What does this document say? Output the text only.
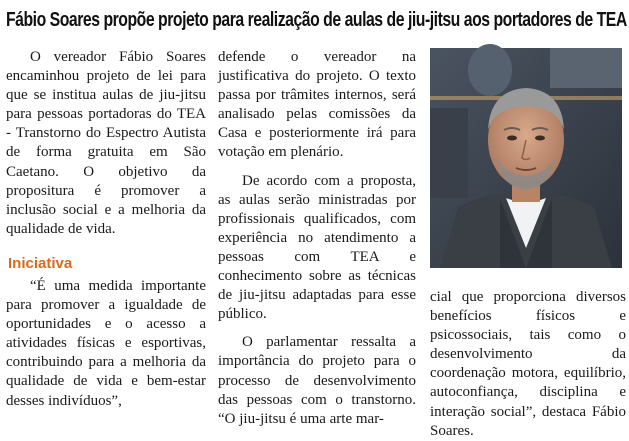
Fábio Soares propõe projeto para realização de aulas de jiu-jitsu aos portadores de TEA

O vereador Fábio Soares encaminhou projeto de lei para que se institua aulas de jiu-jitsu para pessoas portadoras do TEA - Transtorno do Espectro Autista de forma gratuita em São Caetano. O objetivo da propositura é promover a inclusão social e a melhoria da qualidade de vida.

Iniciativa

“É uma medida importante para promover a igualdade de oportunidades e o acesso a atividades físicas e esportivas, contribuindo para a melhoria da qualidade de vida e bem-estar desses indivíduos”,

defende o vereador na justificativa do projeto. O texto passa por trâmites internos, será analisado pelas comissões da Casa e posteriormente irá para votação em plenário.

De acordo com a proposta, as aulas serão ministradas por profissionais qualificados, com experiência no atendimento a pessoas com TEA e conhecimento sobre as técnicas de jiu-jitsu adaptadas para esse público.

O parlamentar ressalta a importância do projeto para o processo de desenvolvimento das pessoas com o transtorno. “O jiu-jitsu é uma arte mar-

cial que proporciona diversos benefícios físicos e psicossociais, tais como o desenvolvimento da coordenação motora, equilíbrio, autoconfiança, disciplina e interação social”, destaca Fábio Soares.
